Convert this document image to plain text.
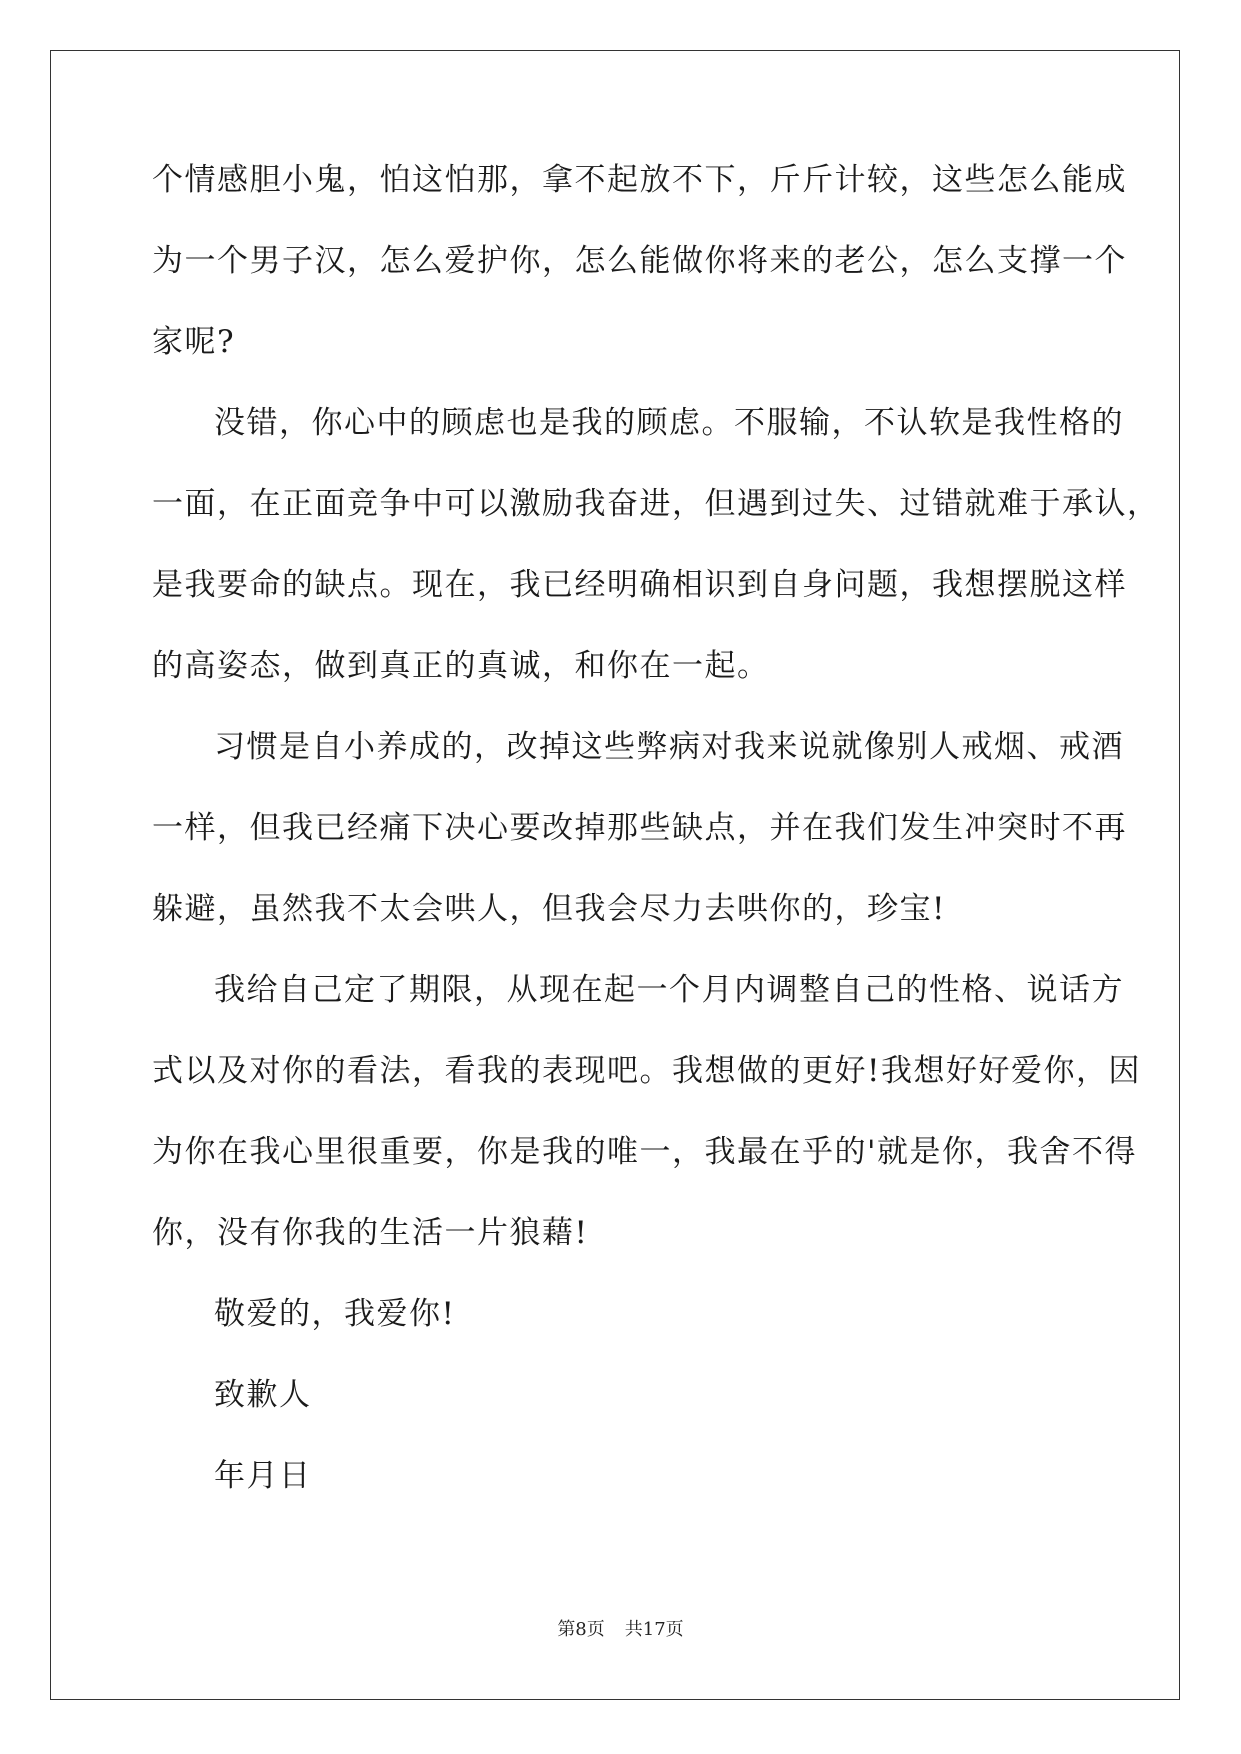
个情感胆小鬼，怕这怕那，拿不起放不下，斤斤计较，这些怎么能成

为一个男子汉，怎么爱护你，怎么能做你将来的老公，怎么支撑一个

家呢?

没错，你心中的顾虑也是我的顾虑。不服输，不认软是我性格的

一面，在正面竞争中可以激励我奋进，但遇到过失、过错就难于承认，

是我要命的缺点。现在，我已经明确相识到自身问题，我想摆脱这样

的高姿态，做到真正的真诚，和你在一起。

习惯是自小养成的，改掉这些弊病对我来说就像别人戒烟、戒酒

一样，但我已经痛下决心要改掉那些缺点，并在我们发生冲突时不再

躲避，虽然我不太会哄人，但我会尽力去哄你的，珍宝!

我给自己定了期限，从现在起一个月内调整自己的性格、说话方

式以及对你的看法，看我的表现吧。我想做的更好!我想好好爱你，因

为你在我心里很重要，你是我的唯一，我最在乎的'就是你，我舍不得

你，没有你我的生活一片狼藉!

敬爱的，我爱你!

致歉人

年月日

第8页 共17页
